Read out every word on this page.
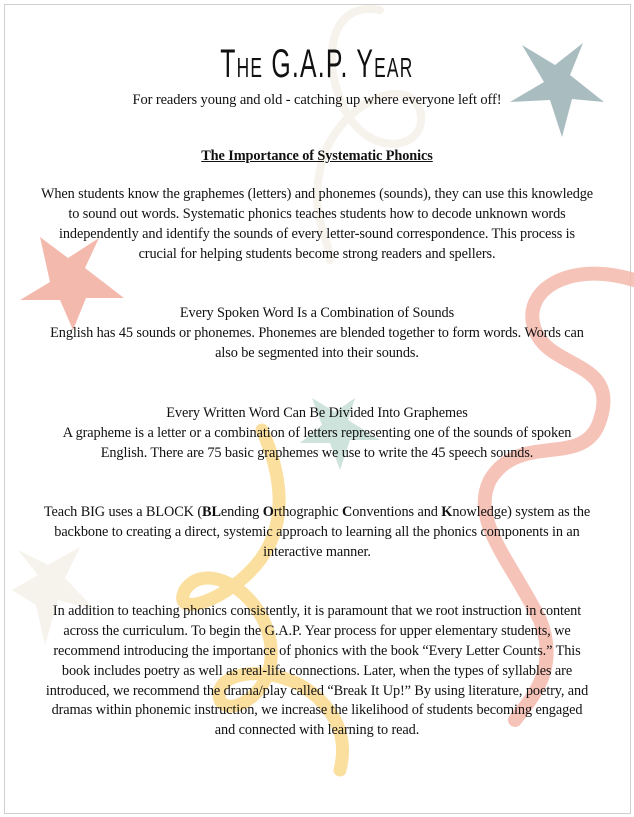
The G.A.P. Year
For readers young and old - catching up where everyone left off!
The Importance of Systematic Phonics
When students know the graphemes (letters) and phonemes (sounds), they can use this knowledge
to sound out words. Systematic phonics teaches students how to decode unknown words
independently and identify the sounds of every letter-sound correspondence. This process is
crucial for helping students become strong readers and spellers.
Every Spoken Word Is a Combination of Sounds
English has 45 sounds or phonemes. Phonemes are blended together to form words. Words can
also be segmented into their sounds.
Every Written Word Can Be Divided Into Graphemes
A grapheme is a letter or a combination of letters representing one of the sounds of spoken
English. There are 75 basic graphemes we use to write the 45 speech sounds.
Teach BIG uses a BLOCK (BLending Orthographic Conventions and Knowledge) system as the
backbone to creating a direct, systemic approach to learning all the phonics components in an
interactive manner.
In addition to teaching phonics consistently, it is paramount that we root instruction in content
across the curriculum. To begin the G.A.P. Year process for upper elementary students, we
recommend introducing the importance of phonics with the book “Every Letter Counts.” This
book includes poetry as well as real-life connections. Later, when the types of syllables are
introduced, we recommend the drama/play called “Break It Up!” By using literature, poetry, and
dramas within phonemic instruction, we increase the likelihood of students becoming engaged
and connected with learning to read.
